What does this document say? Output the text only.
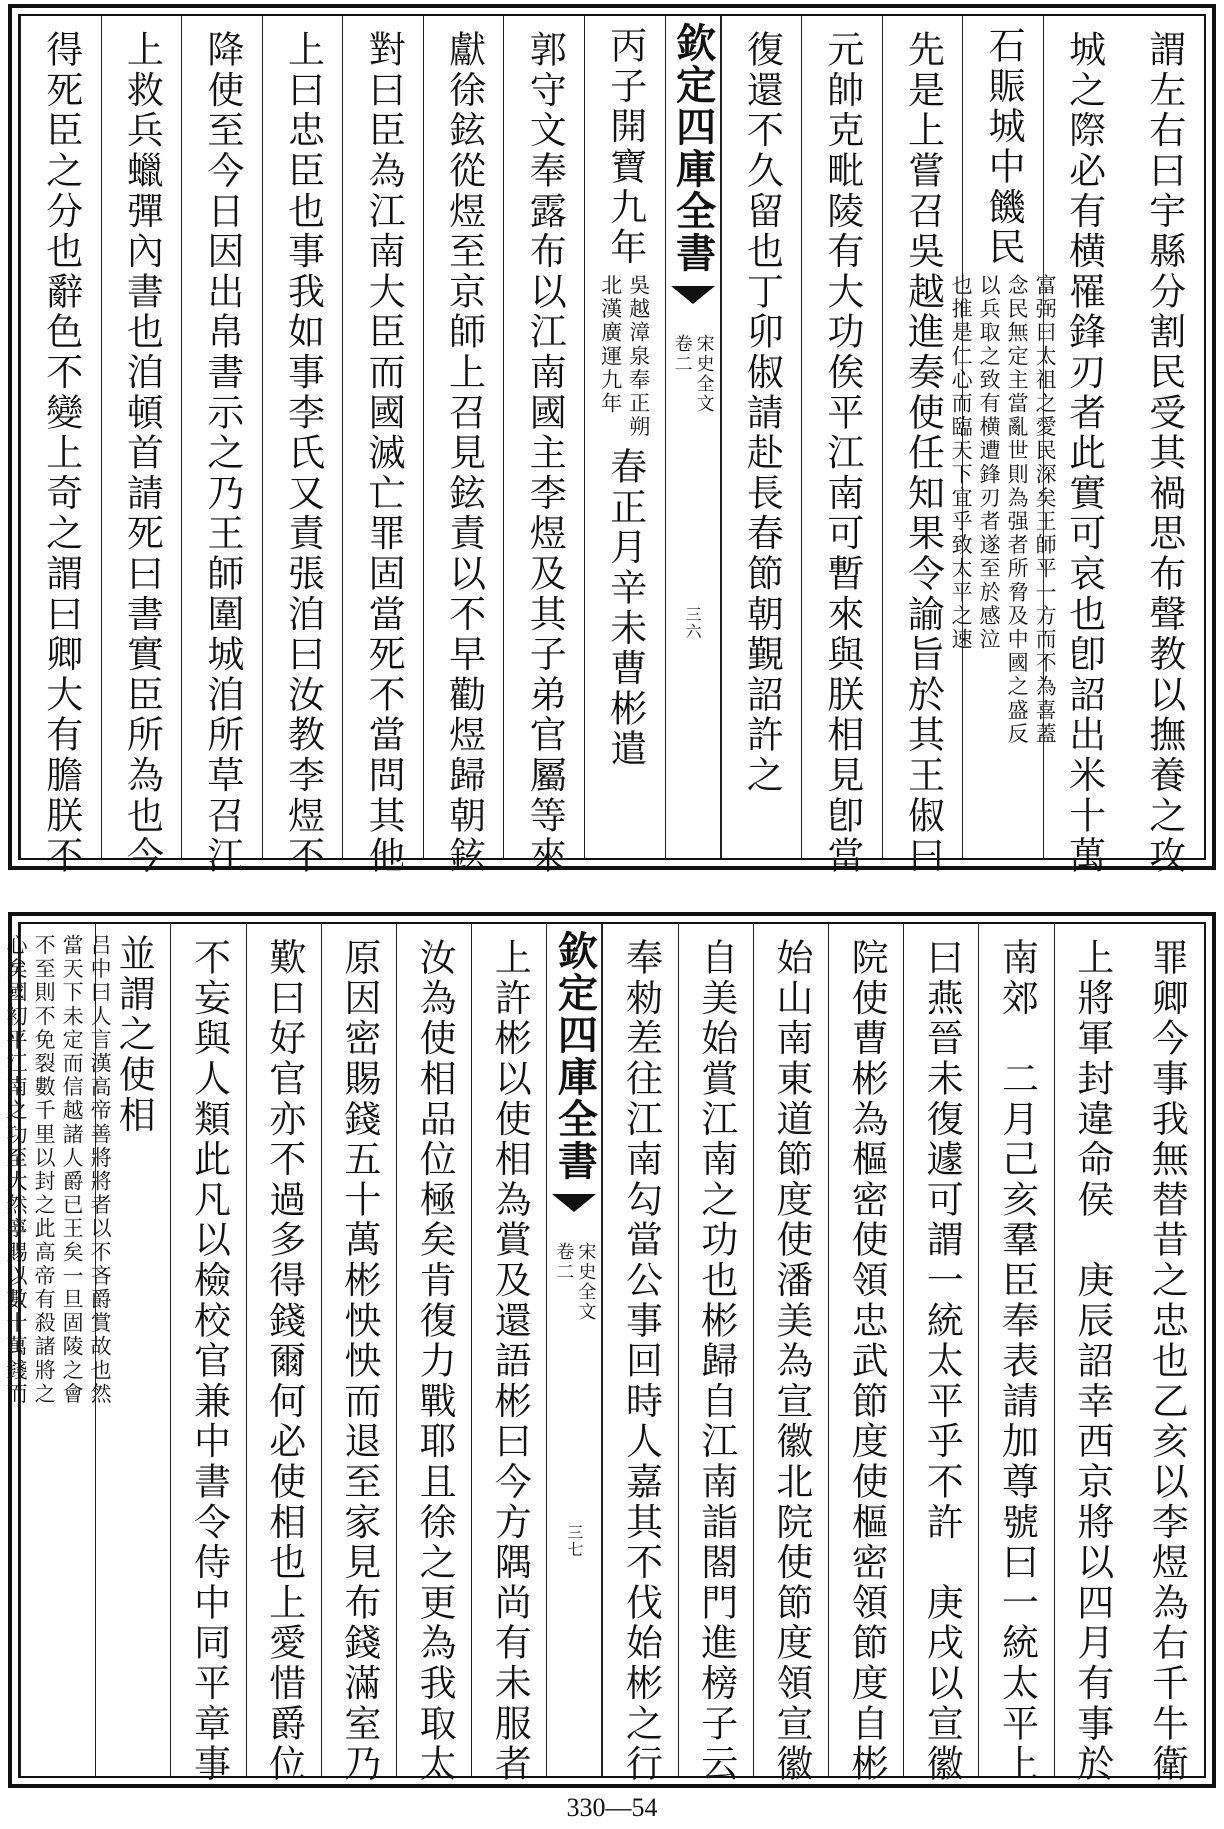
謂左右曰宇縣分割民受其禍思布聲教以撫養之攻
城之際必有横罹鋒刃者此實可哀也卽詔出米十萬
石賑城中饑民
富弼曰太祖之愛民深矣王師平一方而不為喜蓋
念民無定主當亂世則為强者所脅及中國之盛反
以兵取之致有横遭鋒刃者遂至於感泣
也推是仁心而臨天下宜乎致太平之速
先是上嘗召吳越進奏使任知果令諭旨於其王俶曰
元帥克毗陵有大功俟平江南可暫來與朕相見卽當
復還不久留也丁卯俶請赴長春節朝覲詔許之
欽定四庫全書
宋史全文
卷二
三六
丙子開寶九年
吳越漳泉奉正朔
北漢廣運九年
春正月辛未曹彬遣
郭守文奉露布以江南國主李煜及其子弟官屬等來
獻徐鉉從煜至京師上召見鉉責以不早勸煜歸朝鉉
對曰臣為江南大臣而國滅亡罪固當死不當問其他
上曰忠臣也事我如事李氏又責張洎曰汝教李煜不
降使至今日因出帛書示之乃王師圍城洎所草召江
上救兵蠟彈內書也洎頓首請死曰書實臣所為也今
得死臣之分也辭色不變上奇之謂曰卿大有膽朕不
罪卿今事我無替昔之忠也乙亥以李煜為右千牛衛
上將軍封違命侯　庚辰詔幸西京將以四月有事於
南郊　二月己亥羣臣奉表請加尊號曰一統太平上
曰燕晉未復遽可謂一統太平乎不許　庚戌以宣徽
院使曹彬為樞密使領忠武節度使樞密領節度自彬
始山南東道節度使潘美為宣徽北院使節度領宣徽
自美始賞江南之功也彬歸自江南詣閤門進榜子云
奉勑差往江南勾當公事回時人嘉其不伐始彬之行
欽定四庫全書
宋史全文
卷二
三七
上許彬以使相為賞及還語彬曰今方隅尚有未服者
汝為使相品位極矣肯復力戰耶且徐之更為我取太
原因密賜錢五十萬彬怏怏而退至家見布錢滿室乃
歎曰好官亦不過多得錢爾何必使相也上愛惜爵位
不妄與人類此凡以檢校官兼中書令侍中同平章事
並謂之使相
吕中曰人言漢高帝善將將者以不吝爵賞故也然
當天下未定而信越諸人爵已王矣一旦固陵之會
不至則不免裂數千里以封之此高帝有殺諸將之
心矣國初平江南之功至大然寧賜以數十萬錢而
330—54
